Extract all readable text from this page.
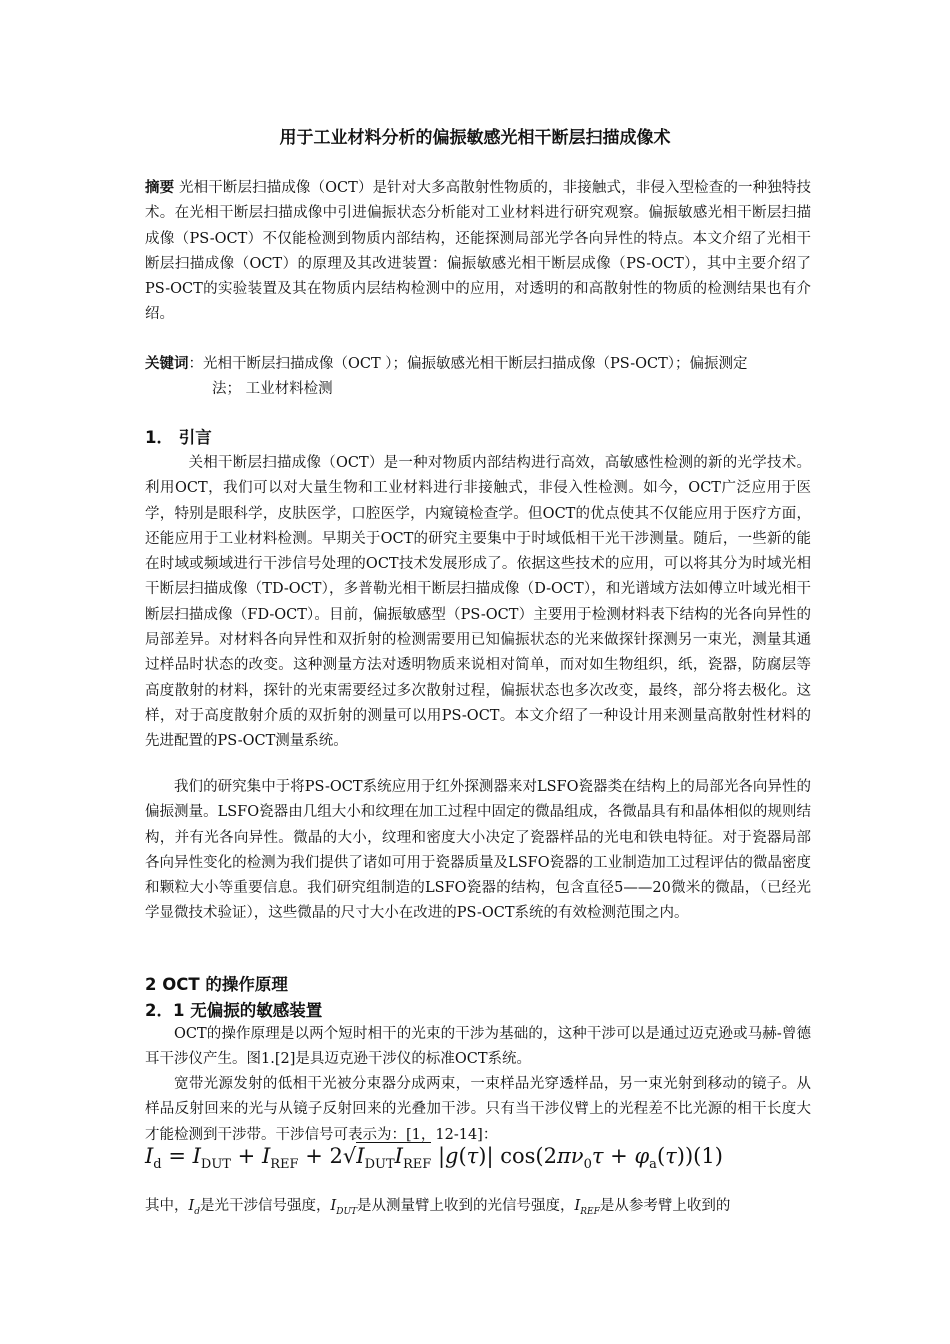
用于工业材料分析的偏振敏感光相干断层扫描成像术

摘要 光相干断层扫描成像（OCT）是针对大多高散射性物质的，非接触式，非侵入型检查的一种独特技术。在光相干断层扫描成像中引进偏振状态分析能对工业材料进行研究观察。偏振敏感光相干断层扫描成像（PS-OCT）不仅能检测到物质内部结构，还能探测局部光学各向异性的特点。本文介绍了光相干断层扫描成像（OCT）的原理及其改进装置：偏振敏感光相干断层成像（PS-OCT），其中主要介绍了PS-OCT的实验装置及其在物质内层结构检测中的应用，对透明的和高散射性的物质的检测结果也有介绍。

关键词：光相干断层扫描成像（OCT ）；偏振敏感光相干断层扫描成像（PS-OCT）；偏振测定
法； 工业材料检测
1． 引言

关相干断层扫描成像（OCT）是一种对物质内部结构进行高效，高敏感性检测的新的光学技术。利用OCT，我们可以对大量生物和工业材料进行非接触式，非侵入性检测。如今，OCT广泛应用于医学，特别是眼科学，皮肤医学，口腔医学，内窥镜检查学。但OCT的优点使其不仅能应用于医疗方面，还能应用于工业材料检测。早期关于OCT的研究主要集中于时域低相干光干涉测量。随后，一些新的能在时域或频域进行干涉信号处理的OCT技术发展形成了。依据这些技术的应用，可以将其分为时域光相干断层扫描成像（TD-OCT），多普勒光相干断层扫描成像（D-OCT），和光谱域方法如傅立叶域光相干断层扫描成像（FD-OCT）。目前，偏振敏感型（PS-OCT）主要用于检测材料表下结构的光各向异性的局部差异。对材料各向异性和双折射的检测需要用已知偏振状态的光来做探针探测另一束光，测量其通过样品时状态的改变。这种测量方法对透明物质来说相对简单，而对如生物组织，纸，瓷器，防腐层等高度散射的材料，探针的光束需要经过多次散射过程，偏振状态也多次改变，最终，部分将去极化。这样，对于高度散射介质的双折射的测量可以用PS-OCT。本文介绍了一种设计用来测量高散射性材料的先进配置的PS-OCT测量系统。

我们的研究集中于将PS-OCT系统应用于红外探测器来对LSFO瓷器类在结构上的局部光各向异性的偏振测量。LSFO瓷器由几组大小和纹理在加工过程中固定的微晶组成，各微晶具有和晶体相似的规则结构，并有光各向异性。微晶的大小，纹理和密度大小决定了瓷器样品的光电和铁电特征。对于瓷器局部各向异性变化的检测为我们提供了诸如可用于瓷器质量及LSFO瓷器的工业制造加工过程评估的微晶密度和颗粒大小等重要信息。我们研究组制造的LSFO瓷器的结构，包含直径5——20微米的微晶，（已经光学显微技术验证），这些微晶的尺寸大小在改进的PS-OCT系统的有效检测范围之内。

2 OCT 的操作原理
2．1 无偏振的敏感装置

OCT的操作原理是以两个短时相干的光束的干涉为基础的，这种干涉可以是通过迈克逊或马赫-曾德耳干涉仪产生。图1.[2]是具迈克逊干涉仪的标准OCT系统。

宽带光源发射的低相干光被分束器分成两束，一束样品光穿透样品，另一束光射到移动的镜子。从样品反射回来的光与从镜子反射回来的光叠加干涉。只有当干涉仪臂上的光程差不比光源的相干长度大才能检测到干涉带。干涉信号可表示为：[1，12-14]：

$I_d = I_{DUT} + I_{REF} + 2√I_{DUT}I_{REF}$ |g(τ)| $\cos(2\pi\nu_0\tau + \varphi_a(\tau))(1)$

其中，$I_d$是光干涉信号强度，$I_{DUT}$是从测量臂上收到的光信号强度，$I_{REF}$是从参考臂上收到的
